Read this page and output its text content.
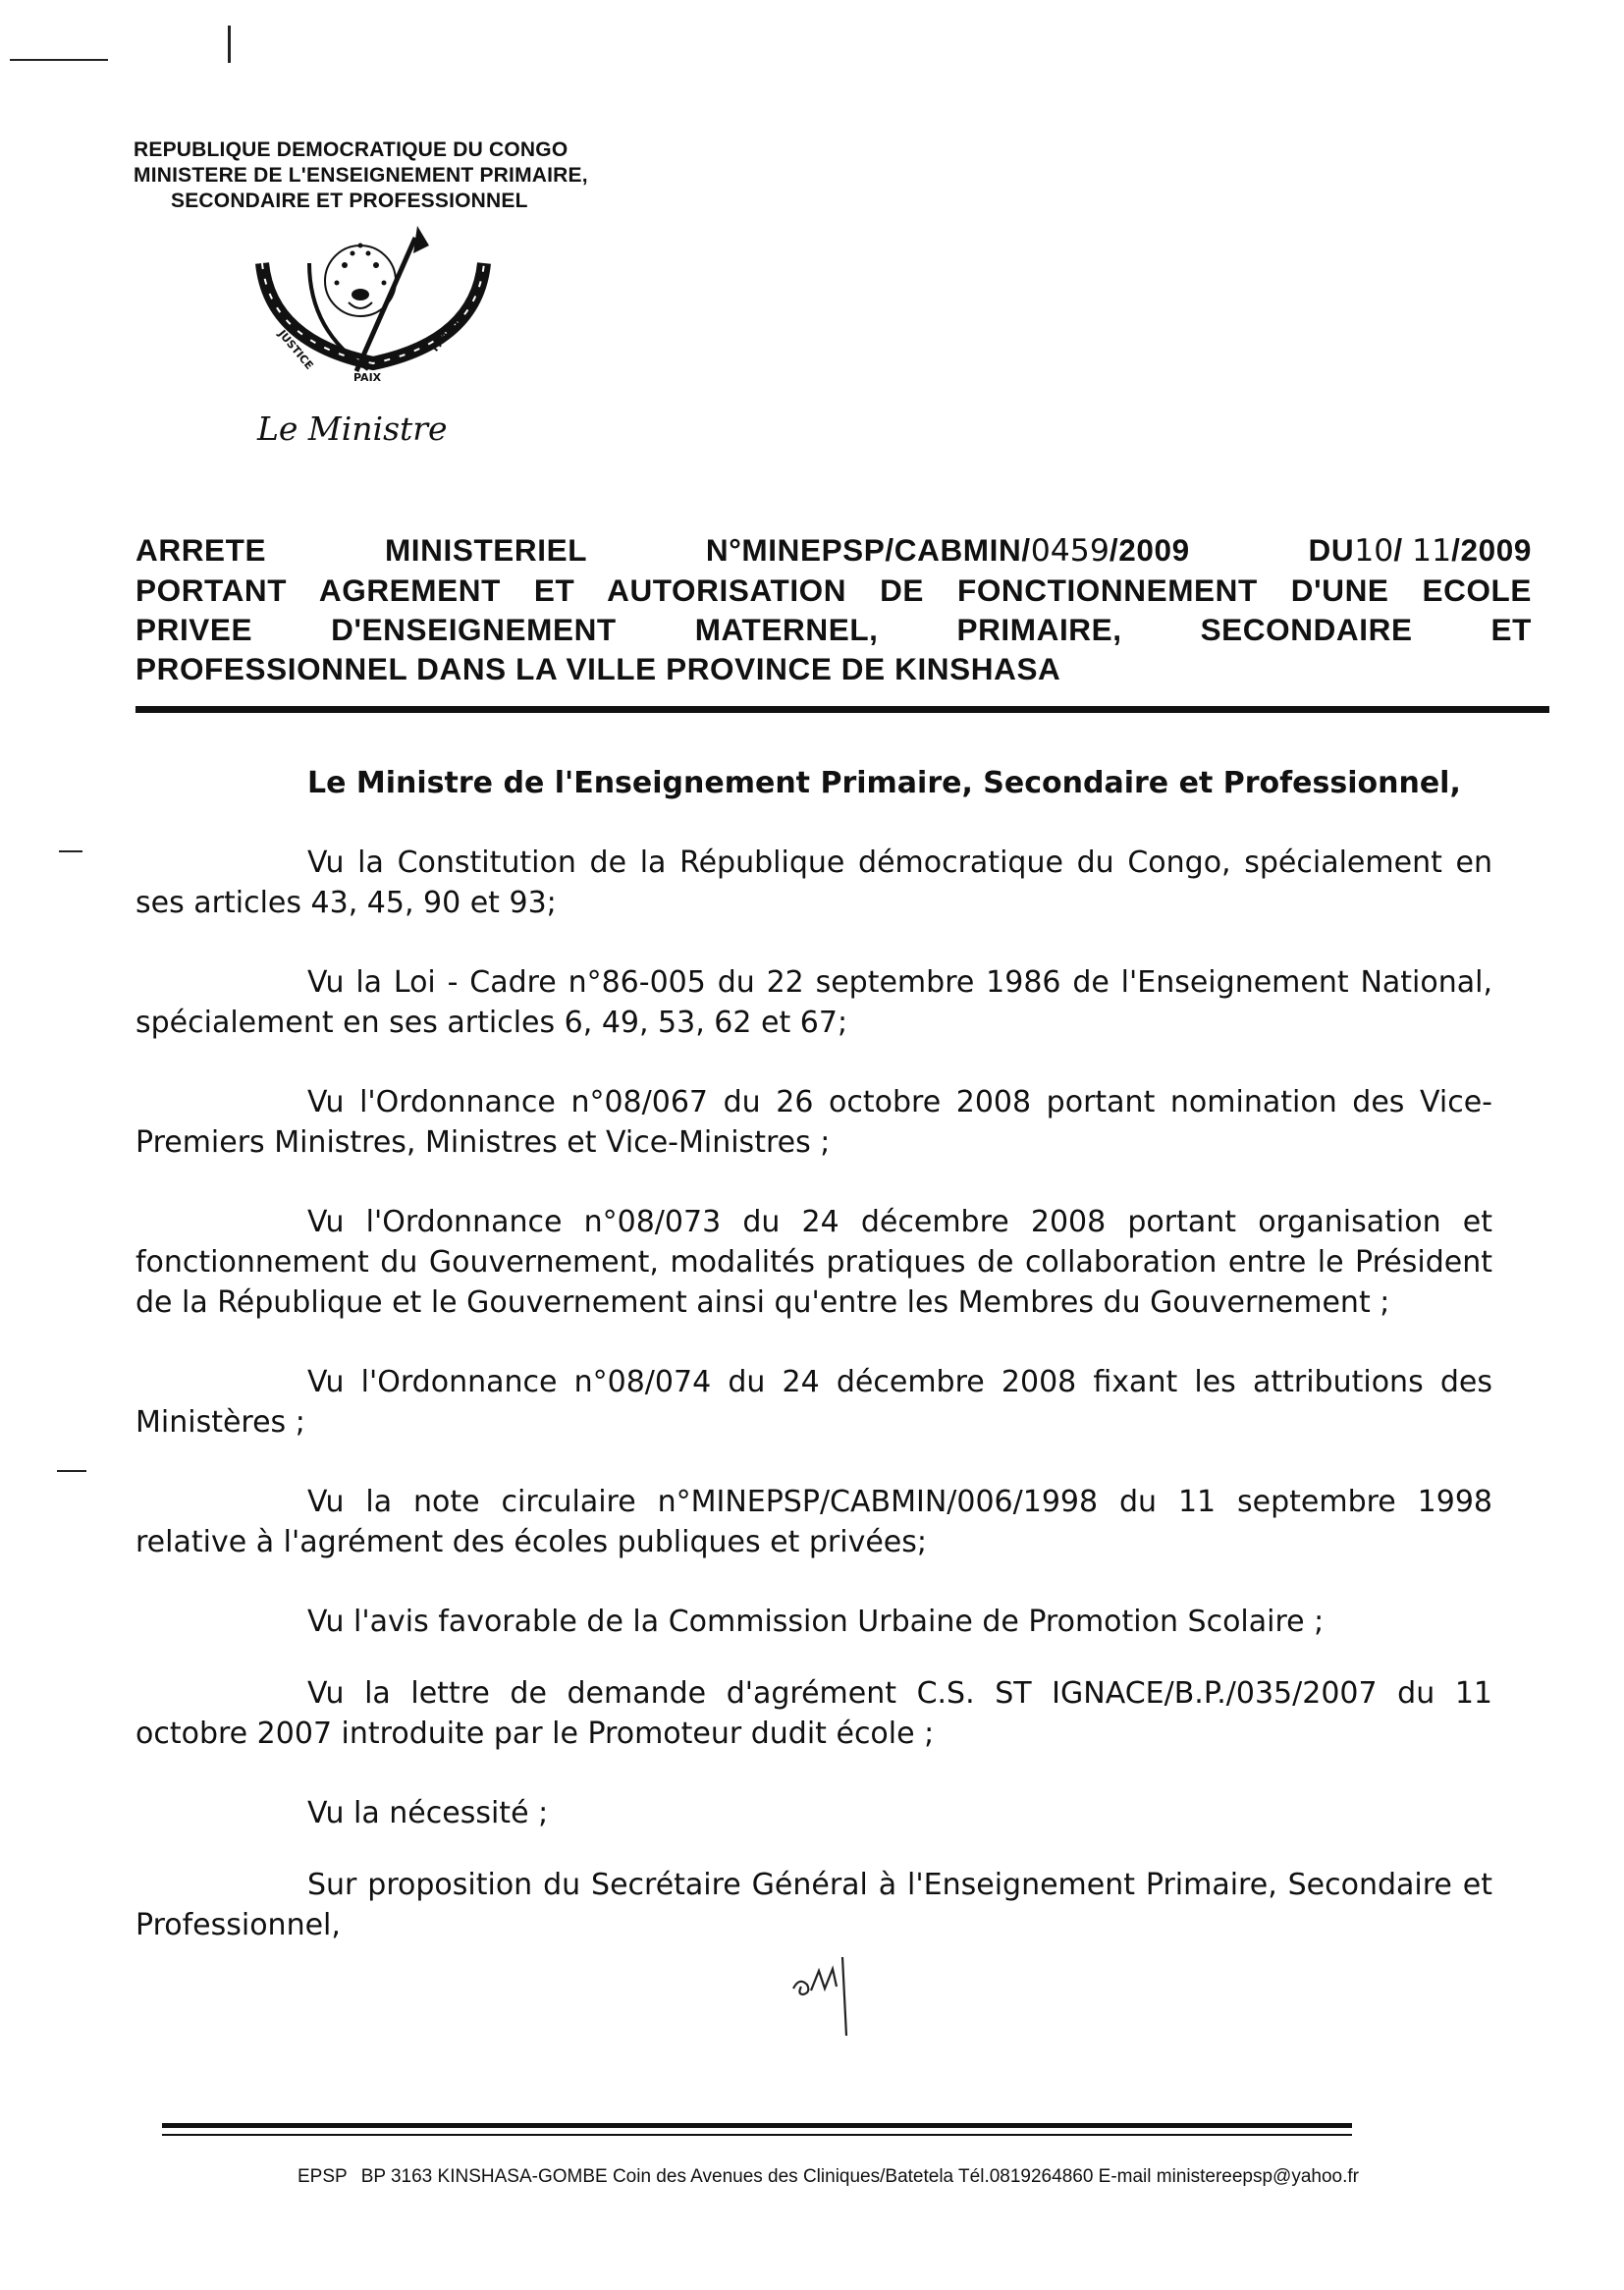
REPUBLIQUE DEMOCRATIQUE DU CONGO
MINISTERE DE L'ENSEIGNEMENT PRIMAIRE,
SECONDAIRE ET PROFESSIONNEL
JUSTICE
PAIX
TRAVAIL
Le Ministre
ARRETE	MINISTERIEL	N°MINEPSP/CABMIN/0459/2009	DU10/ 11/2009
PORTANT AGREMENT ET AUTORISATION DE FONCTIONNEMENT D'UNE ECOLE
PRIVEE D'ENSEIGNEMENT MATERNEL, PRIMAIRE, SECONDAIRE ET
PROFESSIONNEL DANS LA VILLE PROVINCE DE KINSHASA
Le Ministre de l'Enseignement Primaire, Secondaire et Professionnel,

Vu la Constitution de la République démocratique du Congo, spécialement en ses articles 43, 45, 90 et 93;

Vu la Loi - Cadre n°86-005 du 22 septembre 1986 de l'Enseignement National, spécialement en ses articles 6, 49, 53, 62 et 67;

Vu l'Ordonnance n°08/067 du 26 octobre 2008 portant nomination des Vice-Premiers Ministres, Ministres et Vice-Ministres ;

Vu l'Ordonnance n°08/073 du 24 décembre 2008 portant organisation et fonctionnement du Gouvernement, modalités pratiques de collaboration entre le Président de la République et le Gouvernement ainsi qu'entre les Membres du Gouvernement ;

Vu l'Ordonnance n°08/074 du 24 décembre 2008 fixant les attributions des Ministères ;

Vu la note circulaire n°MINEPSP/CABMIN/006/1998 du 11 septembre 1998 relative à l'agrément des écoles publiques et privées;

Vu l'avis favorable de la Commission Urbaine de Promotion Scolaire ;

Vu la lettre de demande d'agrément C.S. ST IGNACE/B.P./035/2007 du 11 octobre 2007 introduite par le Promoteur dudit école ;

Vu la nécessité ;

Sur proposition du Secrétaire Général à l'Enseignement Primaire, Secondaire et Professionnel,

EPSP BP 3163 KINSHASA-GOMBE Coin des Avenues des Cliniques/Batetela Tél.0819264860 E-mail ministereepsp@yahoo.fr
